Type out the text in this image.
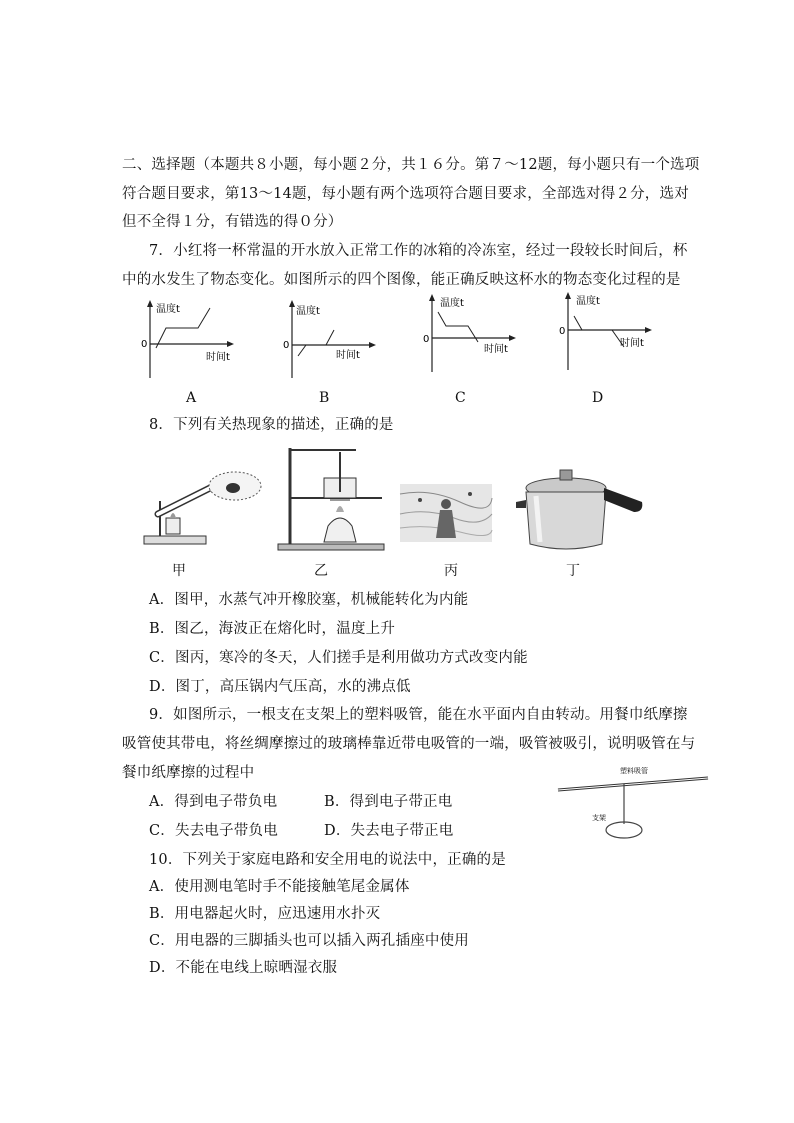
二、选择题（本题共８小题，每小题２分，共１６分。第７～12题，每小题只有一个选项
符合题目要求，第13～14题，每小题有两个选项符合题目要求，全部选对得２分，选对
但不全得１分，有错选的得０分）
7．小红将一杯常温的开水放入正常工作的冰箱的冷冻室，经过一段较长时间后，杯
中的水发生了物态变化。如图所示的四个图像，能正确反映这杯水的物态变化过程的是
温度t
0
时间t
A
温度t
0
时间t
B
温度t
0
时间t
C
温度t
0
时间t
D
8．下列有关热现象的描述，正确的是
甲	乙	丙	丁
A．图甲，水蒸气冲开橡胶塞，机械能转化为内能
B．图乙，海波正在熔化时，温度上升
C．图丙，寒冷的冬天，人们搓手是利用做功方式改变内能
D．图丁，高压锅内气压高，水的沸点低
9．如图所示，一根支在支架上的塑料吸管，能在水平面内自由转动。用餐巾纸摩擦
吸管使其带电，将丝绸摩擦过的玻璃棒靠近带电吸管的一端，吸管被吸引，说明吸管在与
餐巾纸摩擦的过程中
A．得到电子带负电	B．得到电子带正电
C．失去电子带负电	D．失去电子带正电
塑料吸管
支架
10．下列关于家庭电路和安全用电的说法中，正确的是
A．使用测电笔时手不能接触笔尾金属体
B．用电器起火时，应迅速用水扑灭
C．用电器的三脚插头也可以插入两孔插座中使用
D．不能在电线上晾晒湿衣服
